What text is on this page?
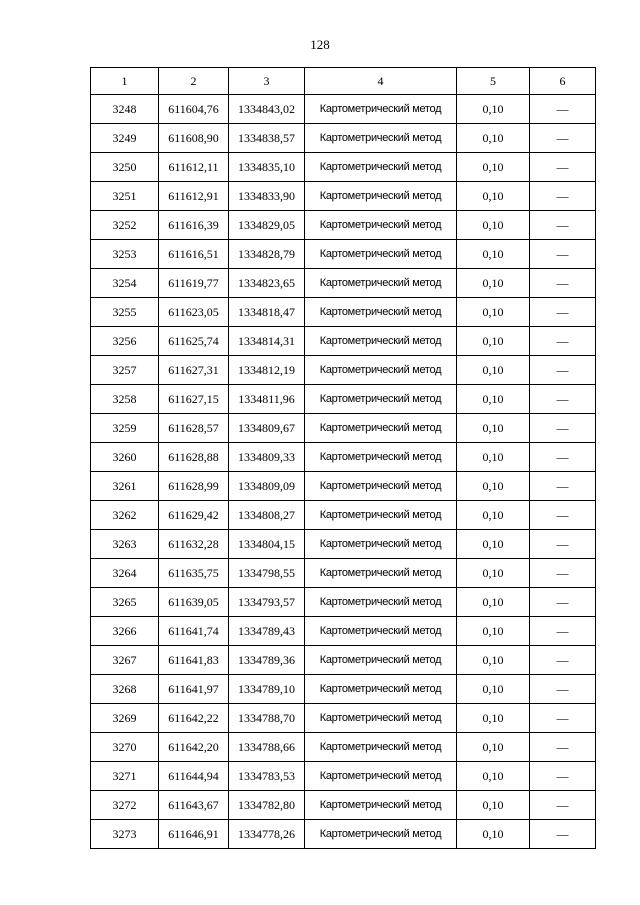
128
1	2	3	4	5	6
3248	611604,76	1334843,02	Картометрический метод	0,10	—
3249	611608,90	1334838,57	Картометрический метод	0,10	—
3250	611612,11	1334835,10	Картометрический метод	0,10	—
3251	611612,91	1334833,90	Картометрический метод	0,10	—
3252	611616,39	1334829,05	Картометрический метод	0,10	—
3253	611616,51	1334828,79	Картометрический метод	0,10	—
3254	611619,77	1334823,65	Картометрический метод	0,10	—
3255	611623,05	1334818,47	Картометрический метод	0,10	—
3256	611625,74	1334814,31	Картометрический метод	0,10	—
3257	611627,31	1334812,19	Картометрический метод	0,10	—
3258	611627,15	1334811,96	Картометрический метод	0,10	—
3259	611628,57	1334809,67	Картометрический метод	0,10	—
3260	611628,88	1334809,33	Картометрический метод	0,10	—
3261	611628,99	1334809,09	Картометрический метод	0,10	—
3262	611629,42	1334808,27	Картометрический метод	0,10	—
3263	611632,28	1334804,15	Картометрический метод	0,10	—
3264	611635,75	1334798,55	Картометрический метод	0,10	—
3265	611639,05	1334793,57	Картометрический метод	0,10	—
3266	611641,74	1334789,43	Картометрический метод	0,10	—
3267	611641,83	1334789,36	Картометрический метод	0,10	—
3268	611641,97	1334789,10	Картометрический метод	0,10	—
3269	611642,22	1334788,70	Картометрический метод	0,10	—
3270	611642,20	1334788,66	Картометрический метод	0,10	—
3271	611644,94	1334783,53	Картометрический метод	0,10	—
3272	611643,67	1334782,80	Картометрический метод	0,10	—
3273	611646,91	1334778,26	Картометрический метод	0,10	—
